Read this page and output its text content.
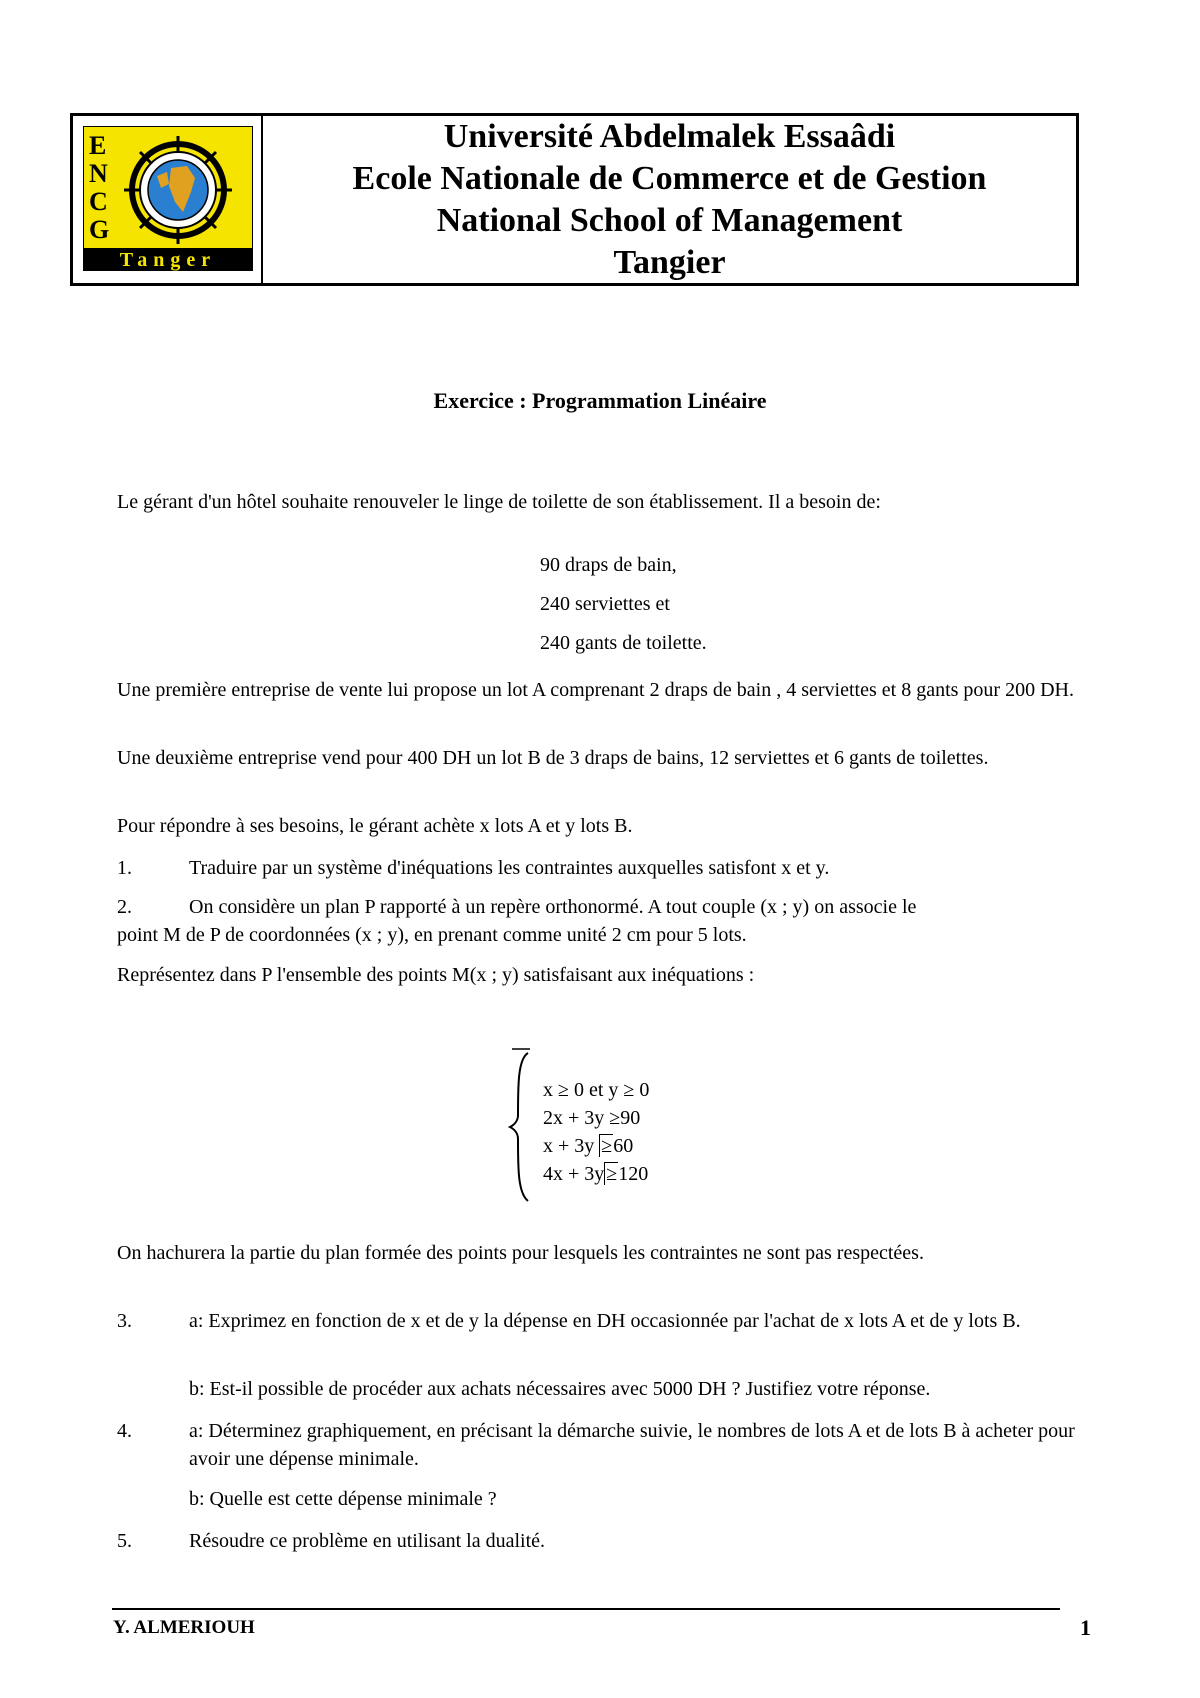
E
N
C
G
Tanger
Université Abdelmalek Essaâdi
Ecole Nationale de Commerce et de Gestion
National School of Management
Tangier
Exercice : Programmation Linéaire
Le gérant d'un hôtel souhaite renouveler le linge de toilette de son établissement. Il a besoin de:
90 draps de bain,
240 serviettes et
240 gants de toilette.
Une première entreprise de vente lui propose un lot A comprenant 2 draps de bain , 4 serviettes et 8 gants pour 200 DH.
Une deuxième entreprise vend pour 400 DH un lot B de 3 draps de bains, 12 serviettes et 6 gants de toilettes.
Pour répondre à ses besoins, le gérant achète x lots A et y lots B.
1.	Traduire par un système d'inéquations les contraintes auxquelles satisfont x et y.
2.	On considère un plan P rapporté à un repère orthonormé. A tout couple (x ; y) on associe le
point M de P de coordonnées (x ; y), en prenant comme unité 2 cm pour 5 lots.
Représentez dans P l'ensemble des points M(x ; y) satisfaisant aux inéquations :
x ≥ 0 et y ≥ 0
2x + 3y ≥90
x + 3y ≥60
4x + 3y ≥120
On hachurera la partie du plan formée des points pour lesquels les contraintes ne sont pas respectées.
3.	a: Exprimez en fonction de x et de y la dépense en DH occasionnée par l'achat de x lots A et de y lots B.
b: Est-il possible de procéder aux achats nécessaires avec 5000 DH ? Justifiez votre réponse.
4.	a: Déterminez graphiquement, en précisant la démarche suivie, le nombres de lots A et de lots B à acheter pour avoir une dépense minimale.
b: Quelle est cette dépense minimale ?
5.	Résoudre ce problème en utilisant la dualité.
Y. ALMERIOUH	1
